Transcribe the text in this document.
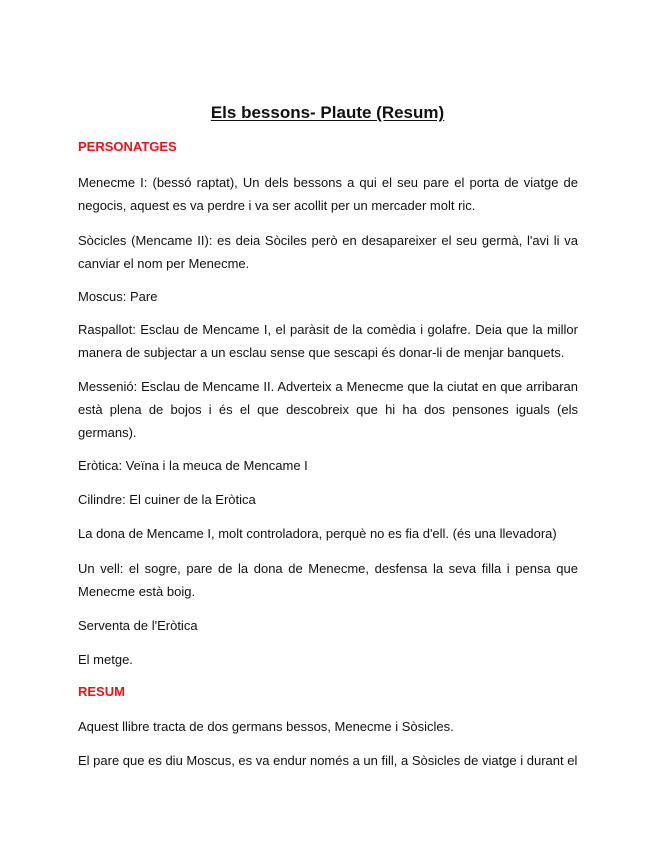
Els bessons- Plaute (Resum)
PERSONATGES
Menecme I: (bessó raptat), Un dels bessons a qui el seu pare el porta de viatge de negocis, aquest es va perdre i va ser acollit per un mercader molt ric.
Sòcicles (Mencame II): es deia Sòciles però en desapareixer el seu germà, l'avi li va canviar el nom per Menecme.
Moscus: Pare
Raspallot: Esclau de Mencame I, el paràsit de la comèdia i golafre. Deia que la millor manera de subjectar a un esclau sense que sescapi és donar-li de menjar banquets.
Messenió: Esclau de Mencame II. Adverteix a Menecme que la ciutat en que arribaran està plena de bojos i és el que descobreix que hi ha dos pensones iguals (els germans).
Eròtica: Veïna i la meuca de Mencame I
Cilindre: El cuiner de la Eròtica
La dona de Mencame I, molt controladora, perquè no es fia d'ell. (és una llevadora)
Un vell: el sogre, pare de la dona de Menecme, desfensa la seva filla i pensa que Menecme està boig.
Serventa de l'Eròtica
El metge.
RESUM
Aquest llibre tracta de dos germans bessos, Menecme i Sòsicles.
El pare que es diu Moscus, es va endur només a un fill, a Sòsicles de viatge i durant el
